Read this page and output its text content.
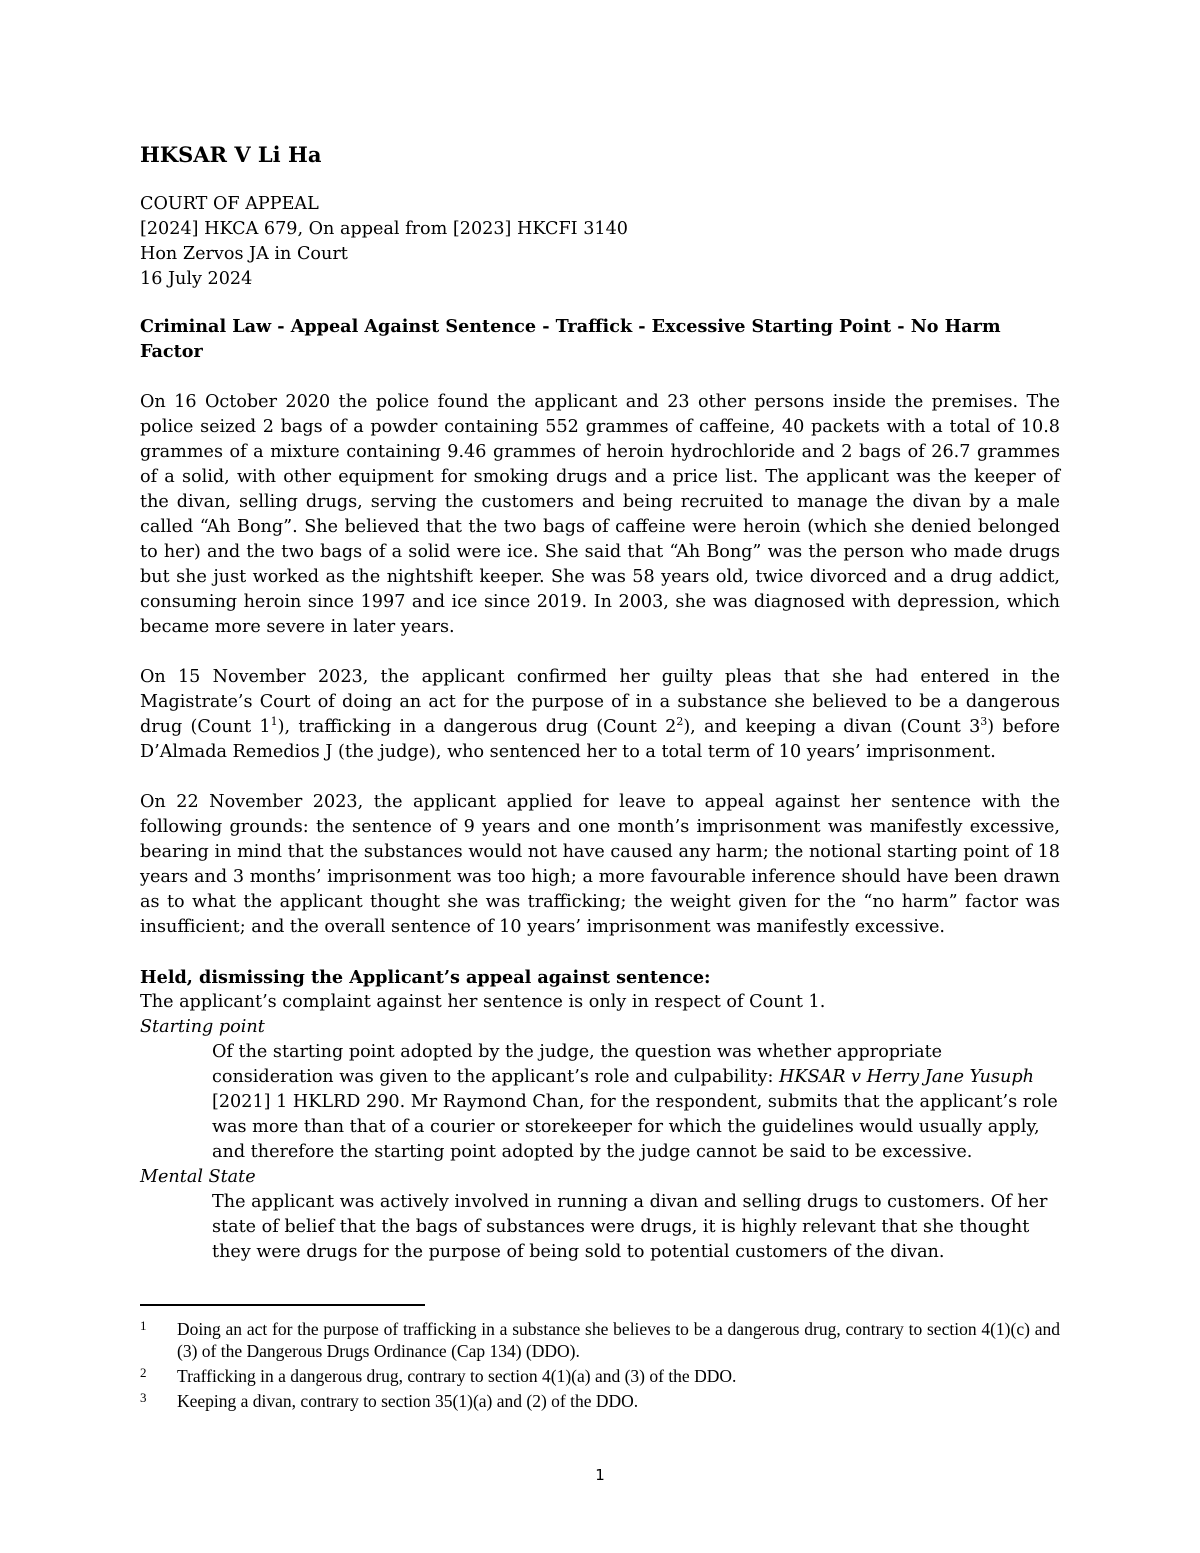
HKSAR V Li Ha
COURT OF APPEAL
[2024] HKCA 679, On appeal from [2023] HKCFI 3140
Hon Zervos JA in Court
16 July 2024
Criminal Law - Appeal Against Sentence - Traffick - Excessive Starting Point - No Harm Factor

On 16 October 2020 the police found the applicant and 23 other persons inside the premises. The police seized 2 bags of a powder containing 552 grammes of caffeine, 40 packets with a total of 10.8 grammes of a mixture containing 9.46 grammes of heroin hydrochloride and 2 bags of 26.7 grammes of a solid, with other equipment for smoking drugs and a price list. The applicant was the keeper of the divan, selling drugs, serving the customers and being recruited to manage the divan by a male called “Ah Bong”. She believed that the two bags of caffeine were heroin (which she denied belonged to her) and the two bags of a solid were ice. She said that “Ah Bong” was the person who made drugs but she just worked as the nightshift keeper. She was 58 years old, twice divorced and a drug addict, consuming heroin since 1997 and ice since 2019. In 2003, she was diagnosed with depression, which became more severe in later years.

On 15 November 2023, the applicant confirmed her guilty pleas that she had entered in the Magistrate’s Court of doing an act for the purpose of in a substance she believed to be a dangerous drug (Count $1^1$), trafficking in a dangerous drug (Count $2^2$), and keeping a divan (Count $3^3$) before D’Almada Remedios J (the judge), who sentenced her to a total term of 10 years’ imprisonment.

On 22 November 2023, the applicant applied for leave to appeal against her sentence with the following grounds: the sentence of 9 years and one month’s imprisonment was manifestly excessive, bearing in mind that the substances would not have caused any harm; the notional starting point of 18 years and 3 months’ imprisonment was too high; a more favourable inference should have been drawn as to what the applicant thought she was trafficking; the weight given for the “no harm” factor was insufficient; and the overall sentence of 10 years’ imprisonment was manifestly excessive.

Held, dismissing the Applicant’s appeal against sentence:
The applicant’s complaint against her sentence is only in respect of Count 1.
Starting point
Of the starting point adopted by the judge, the question was whether appropriate consideration was given to the applicant’s role and culpability: HKSAR v Herry Jane Yusuph [2021] 1 HKLRD 290. Mr Raymond Chan, for the respondent, submits that the applicant’s role was more than that of a courier or storekeeper for which the guidelines would usually apply, and therefore the starting point adopted by the judge cannot be said to be excessive.
Mental State
The applicant was actively involved in running a divan and selling drugs to customers. Of her state of belief that the bags of substances were drugs, it is highly relevant that she thought they were drugs for the purpose of being sold to potential customers of the divan.
1 Doing an act for the purpose of trafficking in a substance she believes to be a dangerous drug, contrary to section 4(1)(c) and (3) of the Dangerous Drugs Ordinance (Cap 134) (DDO).
2 Trafficking in a dangerous drug, contrary to section 4(1)(a) and (3) of the DDO.
3 Keeping a divan, contrary to section 35(1)(a) and (2) of the DDO.
1
